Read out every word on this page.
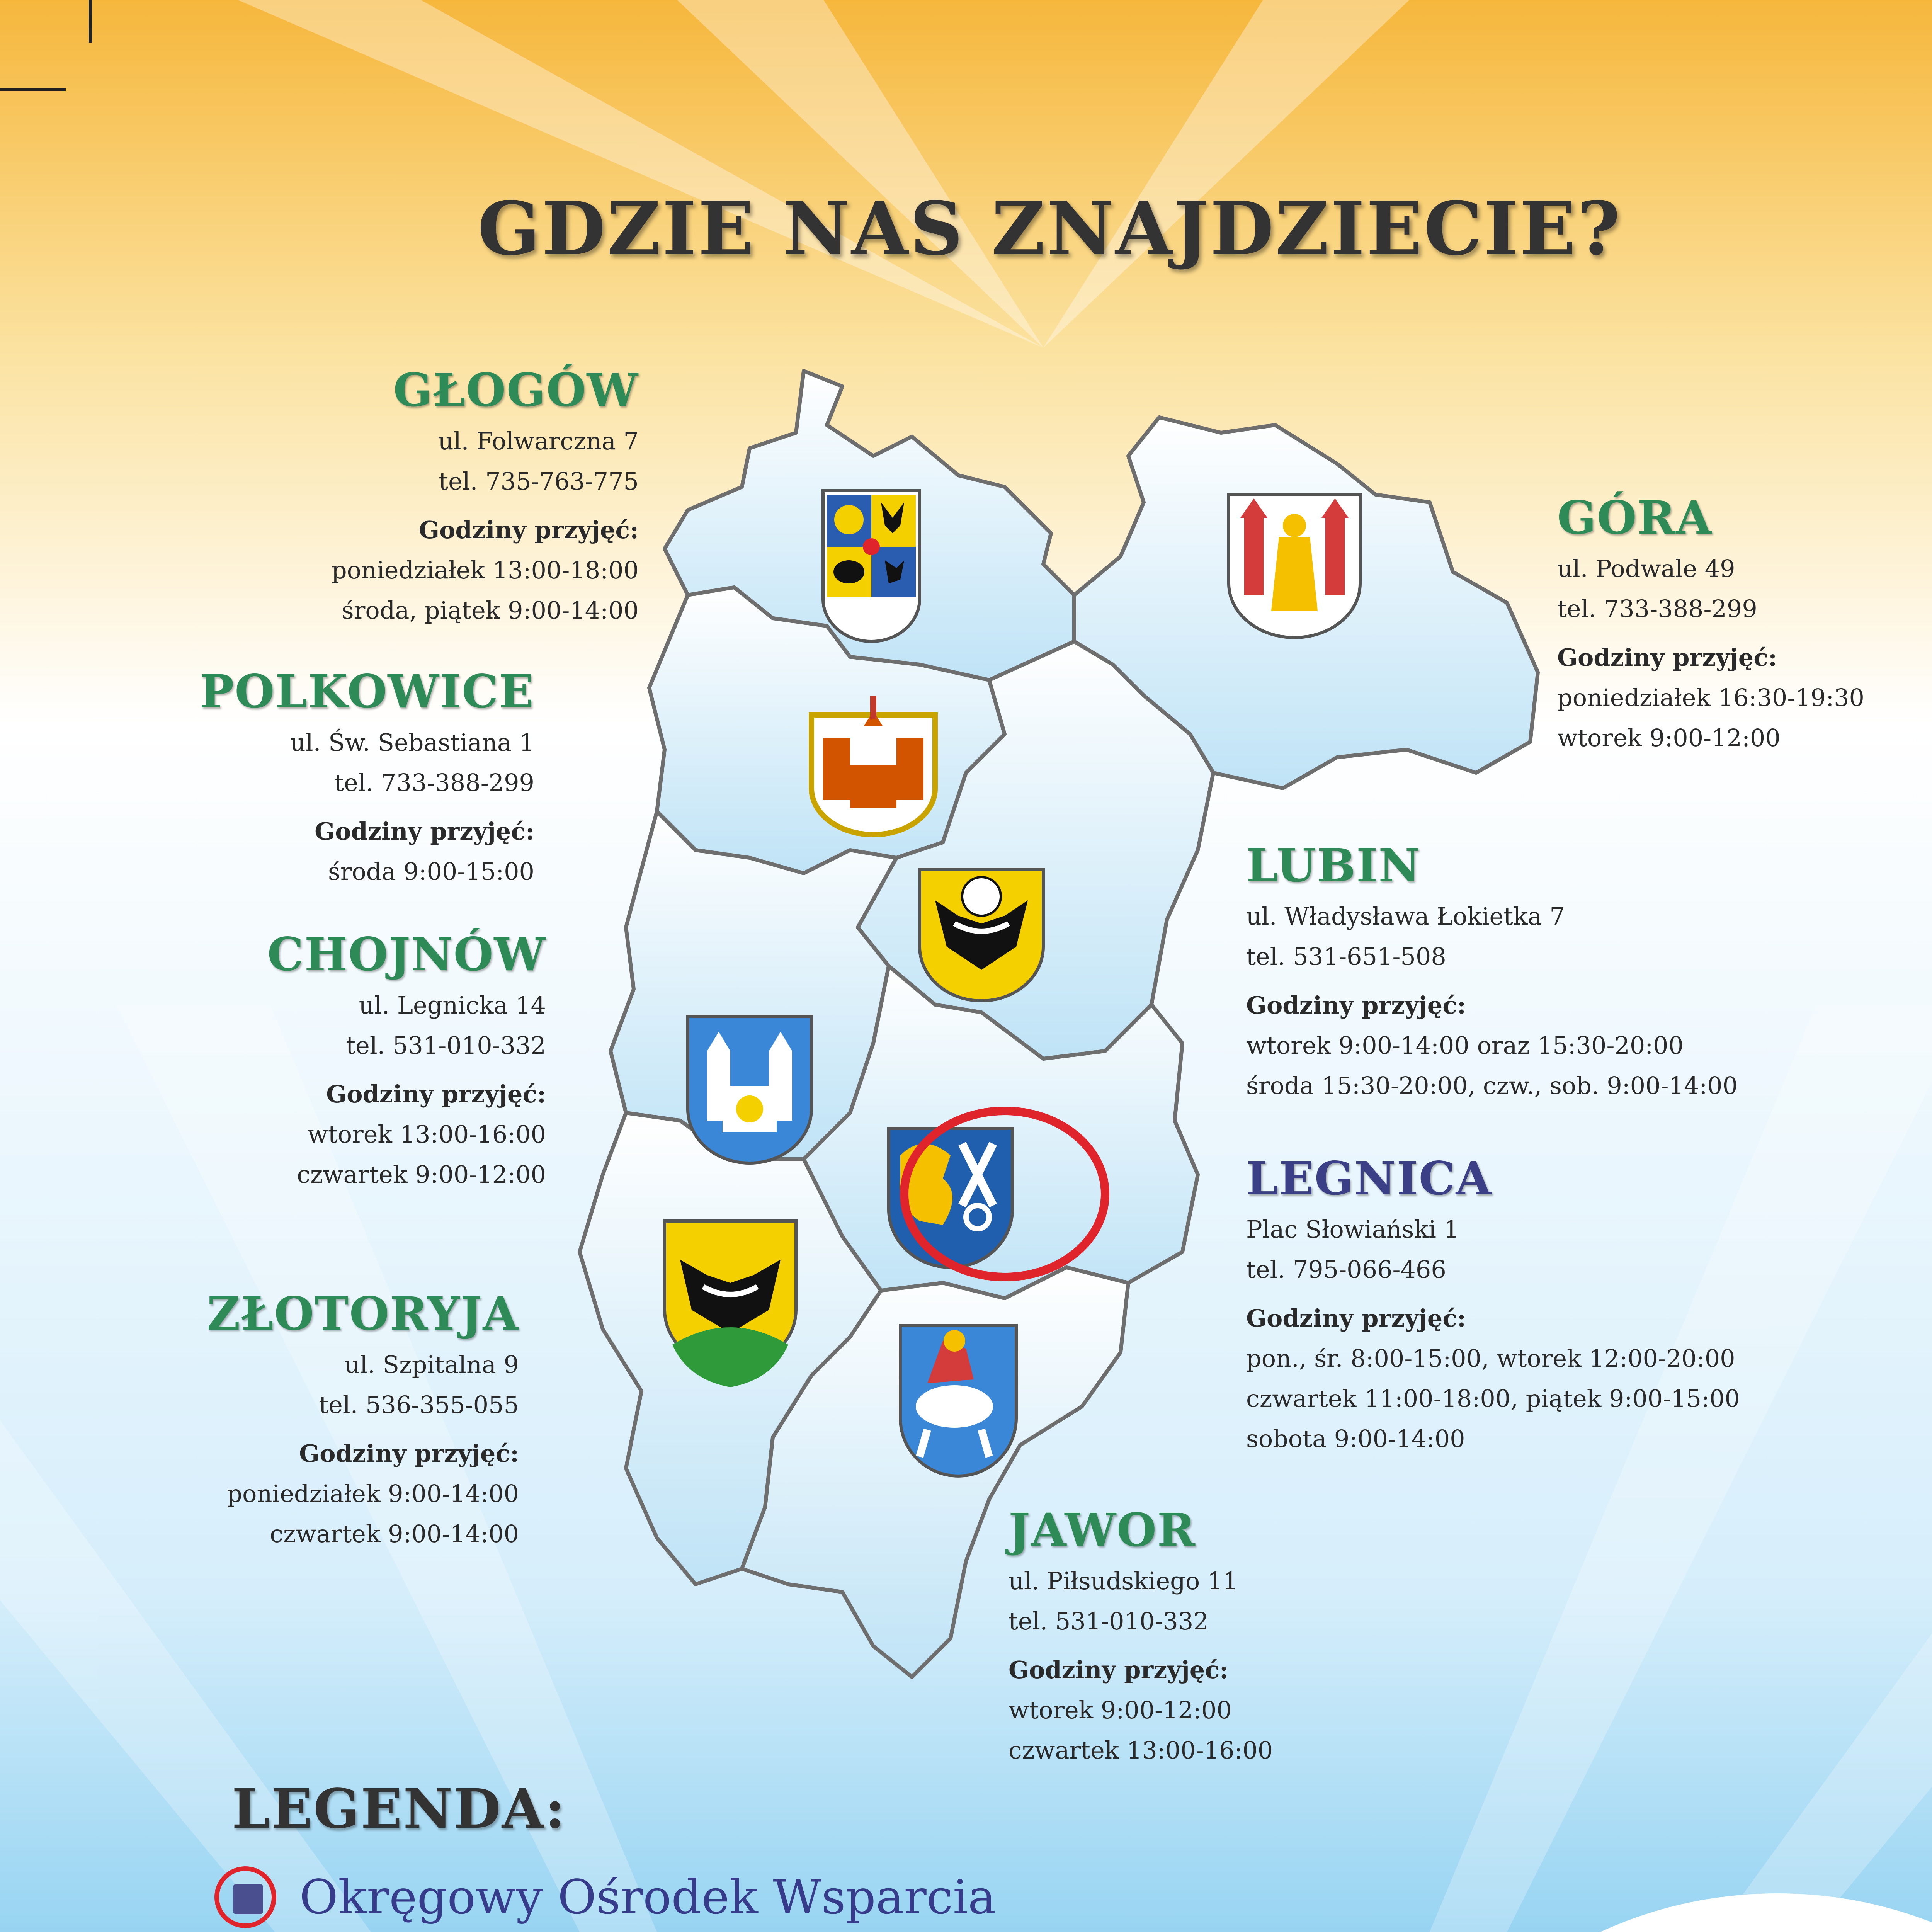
GDZIE NAS ZNAJDZIECIE?
GŁOGÓW
ul. Folwarczna 7
tel. 735-763-775
Godziny przyjęć:
poniedziałek 13:00-18:00
środa, piątek 9:00-14:00
POLKOWICE
ul. Św. Sebastiana 1
tel. 733-388-299
Godziny przyjęć:
środa 9:00-15:00
CHOJNÓW
ul. Legnicka 14
tel. 531-010-332
Godziny przyjęć:
wtorek 13:00-16:00
czwartek 9:00-12:00
ZŁOTORYJA
ul. Szpitalna 9
tel. 536-355-055
Godziny przyjęć:
poniedziałek 9:00-14:00
czwartek 9:00-14:00
GÓRA
ul. Podwale 49
tel. 733-388-299
Godziny przyjęć:
poniedziałek 16:30-19:30
wtorek 9:00-12:00
LUBIN
ul. Władysława Łokietka 7
tel. 531-651-508
Godziny przyjęć:
wtorek 9:00-14:00 oraz 15:30-20:00
środa 15:30-20:00, czw., sob. 9:00-14:00
LEGNICA
Plac Słowiański 1
tel. 795-066-466
Godziny przyjęć:
pon., śr. 8:00-15:00, wtorek 12:00-20:00
czwartek 11:00-18:00, piątek 9:00-15:00
sobota 9:00-14:00
JAWOR
ul. Piłsudskiego 11
tel. 531-010-332
Godziny przyjęć:
wtorek 9:00-12:00
czwartek 13:00-16:00
LEGENDA:
Okręgowy Ośrodek Wsparcia
